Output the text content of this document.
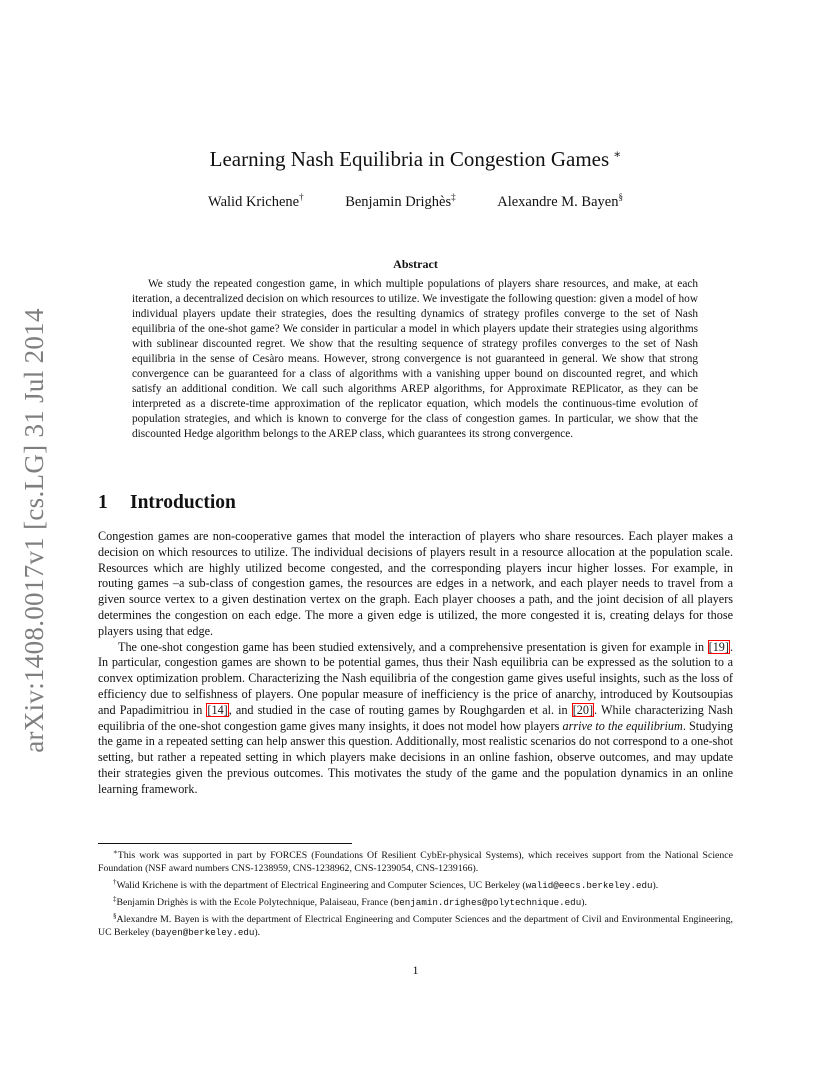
arXiv:1408.0017v1 [cs.LG] 31 Jul 2014
Learning Nash Equilibria in Congestion Games ∗
Walid Krichene†	Benjamin Drighès‡	Alexandre M. Bayen§
Abstract

We study the repeated congestion game, in which multiple populations of players share resources, and make, at each iteration, a decentralized decision on which resources to utilize. We investigate the following question: given a model of how individual players update their strategies, does the resulting dynamics of strategy profiles converge to the set of Nash equilibria of the one-shot game? We consider in particular a model in which players update their strategies using algorithms with sublinear discounted regret. We show that the resulting sequence of strategy profiles converges to the set of Nash equilibria in the sense of Cesàro means. However, strong convergence is not guaranteed in general. We show that strong convergence can be guaranteed for a class of algorithms with a vanishing upper bound on discounted regret, and which satisfy an additional condition. We call such algorithms AREP algorithms, for Approximate REPlicator, as they can be interpreted as a discrete-time approximation of the replicator equation, which models the continuous-time evolution of population strategies, and which is known to converge for the class of congestion games. In particular, we show that the discounted Hedge algorithm belongs to the AREP class, which guarantees its strong convergence.

1 Introduction

Congestion games are non-cooperative games that model the interaction of players who share resources. Each player makes a decision on which resources to utilize. The individual decisions of players result in a resource allocation at the population scale. Resources which are highly utilized become congested, and the corresponding players incur higher losses. For example, in routing games –a sub-class of congestion games, the resources are edges in a network, and each player needs to travel from a given source vertex to a given destination vertex on the graph. Each player chooses a path, and the joint decision of all players determines the congestion on each edge. The more a given edge is utilized, the more congested it is, creating delays for those players using that edge.

The one-shot congestion game has been studied extensively, and a comprehensive presentation is given for example in [19]. In particular, congestion games are shown to be potential games, thus their Nash equilibria can be expressed as the solution to a convex optimization problem. Characterizing the Nash equilibria of the congestion game gives useful insights, such as the loss of efficiency due to selfishness of players. One popular measure of inefficiency is the price of anarchy, introduced by Koutsoupias and Papadimitriou in [14], and studied in the case of routing games by Roughgarden et al. in [20]. While characterizing Nash equilibria of the one-shot congestion game gives many insights, it does not model how players arrive to the equilibrium. Studying the game in a repeated setting can help answer this question. Additionally, most realistic scenarios do not correspond to a one-shot setting, but rather a repeated setting in which players make decisions in an online fashion, observe outcomes, and may update their strategies given the previous outcomes. This motivates the study of the game and the population dynamics in an online learning framework.

∗This work was supported in part by FORCES (Foundations Of Resilient CybEr-physical Systems), which receives support from the National Science Foundation (NSF award numbers CNS-1238959, CNS-1238962, CNS-1239054, CNS-1239166).

†Walid Krichene is with the department of Electrical Engineering and Computer Sciences, UC Berkeley (walid@eecs.berkeley.edu).

‡Benjamin Drighès is with the Ecole Polytechnique, Palaiseau, France (benjamin.drighes@polytechnique.edu).

§Alexandre M. Bayen is with the department of Electrical Engineering and Computer Sciences and the department of Civil and Environmental Engineering, UC Berkeley (bayen@berkeley.edu).

1
